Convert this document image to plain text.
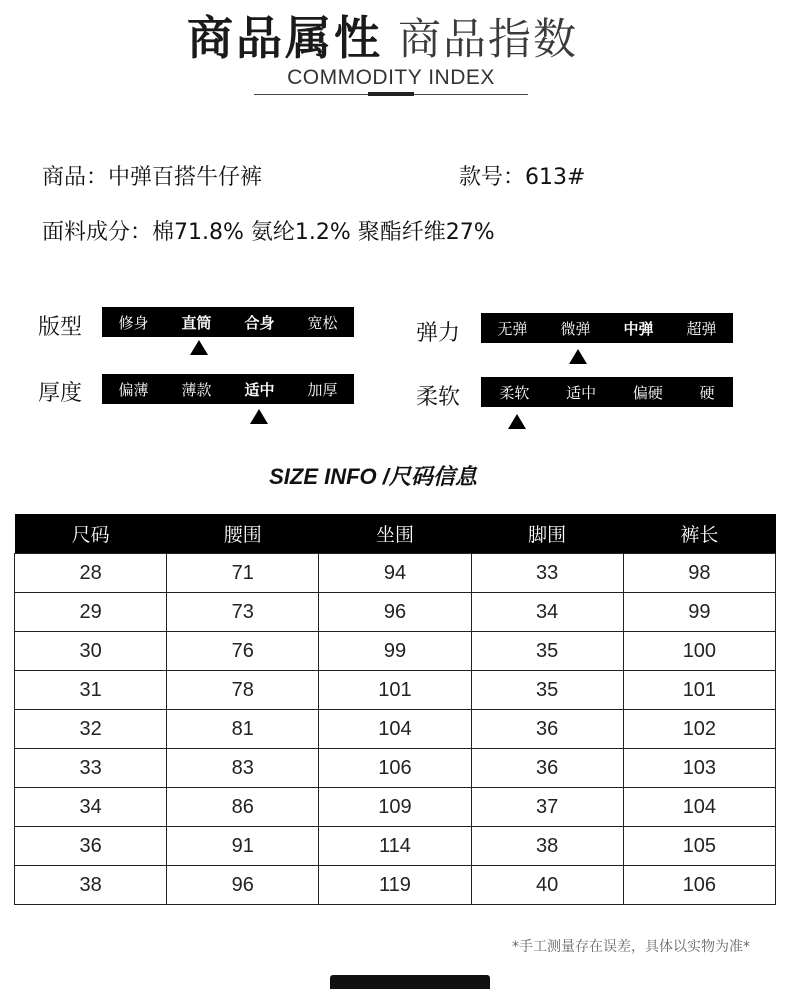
商品属性 商品指数
COMMODITY INDEX
商品：中弹百搭牛仔裤	款号：613#
面料成分：棉71.8% 氨纶1.2% 聚酯纤维27%
版型 修身 直筒 合身 宽松	弹力 无弹 微弹 中弹 超弹
厚度 偏薄 薄款 适中 加厚	柔软	柔软 适中 偏硬 硬
SIZE INFO /尺码信息
尺码	腰围	坐围	脚围	裤长
28	71	94	33	98
29	73	96	34	99
30	76	99	35	100
31	78	101	35	101
32	81	104	36	102
33	83	106	36	103
34	86	109	37	104
36	91	114	38	105
38	96	119	40	106
*手工测量存在误差，具体以实物为准*
